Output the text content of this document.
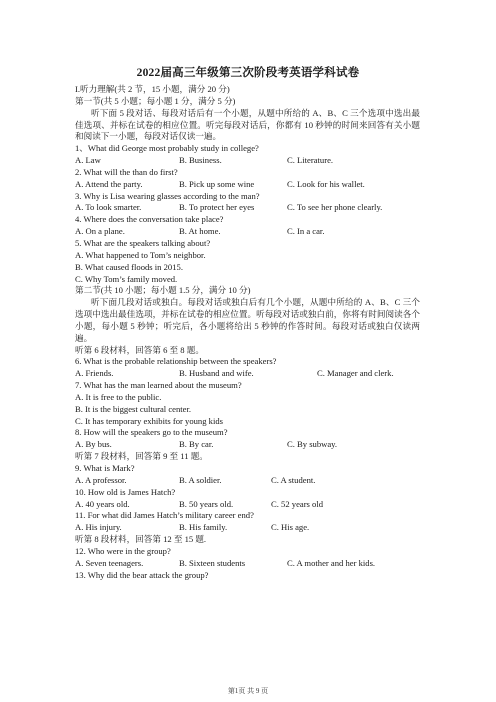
2022届高三年级第三次阶段考英语学科试卷
I.听力理解(共 2 节，15 小题，满分 20 分)
第一节(共 5 小题；每小题 1 分，满分 5 分)
听下面 5 段对话、每段对话后有一个小题，从题中所给的 A、B、C 三个选项中选出最佳选项、并标在试卷的相应位置。听完每段对话后，你都有 10 秒钟的时间来回答有关小题和阅读下一小题，每段对话仅读一遍。
1、What did George most probably study in college?
A. Law	B. Business.	C. Literature.
2. What will the than do first?
A. Attend the party.	B. Pick up some wine	C. Look for his wallet.
3. Why is Lisa wearing glasses according to the man?
A. To look smarter.	B. To protect her eyes	C. To see her phone clearly.
4. Where does the conversation take place?
A. On a plane.	B. At home.	C. In a car.
5. What are the speakers talking about?
A. What happened to Tom’s neighbor.
B. What caused floods in 2015.
C. Why Tom’s family moved.
第二节(共 10 小题；每小题 1.5 分，满分 10 分)
听下面几段对话或独白。每段对话或独白后有几个小题，从题中所给的 A、B、C 三个选项中选出最佳选项，并标在试卷的相应位置。听每段对话或独白前，你将有时间阅读各个小题，每小题 5 秒钟；听完后，各小题将给出 5 秒钟的作答时间。每段对话或独白仅读两遍。
听第 6 段材料，回答第 6 至 8 题。
6. What is the probable relationship between the speakers?
A. Friends.	B. Husband and wife.	C. Manager and clerk.
7. What has the man learned about the museum?
A. It is free to the public.
B. It is the biggest cultural center.
C. It has temporary exhibits for young kids
8. How will the speakers go to the museum?
A. By bus.	B. By car.	C. By subway.
听第 7 段材料，回答第 9 至 11 题。
9. What is Mark?
A. A professor.	B. A soldier.	C. A student.
10. How old is James Hatch?
A. 40 years old.	B. 50 years old.	C. 52 years old
11. For what did James Hatch’s military career end?
A. His injury.	B. His family.	C. His age.
听第 8 段材料，回答第 12 至 15 题.
12. Who were in the group?
A. Seven teenagers.	B. Sixteen students	C. A mother and her kids.
13. Why did the bear attack the group?
第1页 共 9 页
